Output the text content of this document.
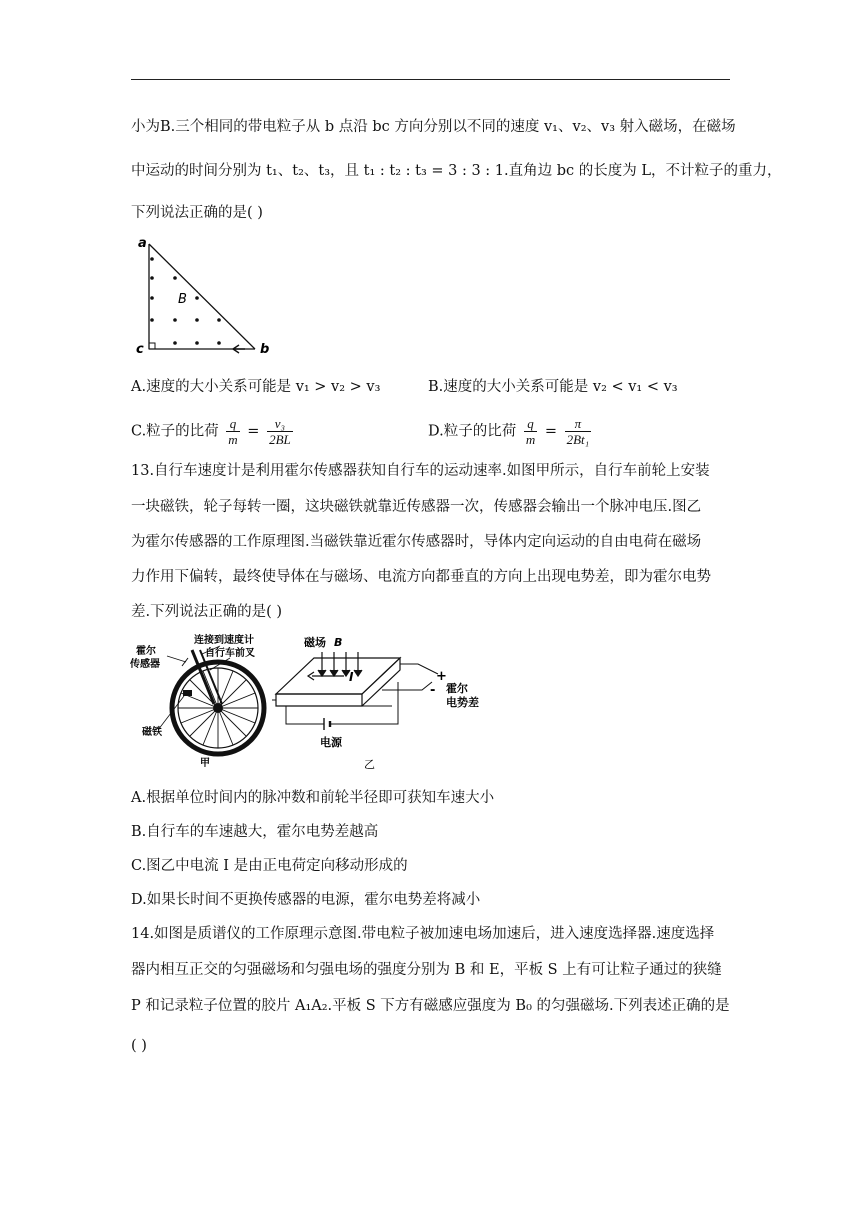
小为B.三个相同的带电粒子从 b 点沿 bc 方向分别以不同的速度 v₁、v₂、v₃ 射入磁场，在磁场
中运动的时间分别为 t₁、t₂、t₃，且 t₁ : t₂ : t₃ = 3 : 3 : 1.直角边 bc 的长度为 L，不计粒子的重力，
下列说法正确的是( )
a
c	b
B
A.速度的大小关系可能是 v₁ > v₂ > v₃	B.速度的大小关系可能是 v₂ < v₁ < v₃
C.粒子的比荷 $\frac{q}{m} = \frac{\text{v₃}}{2BL}$	D.粒子的比荷 $\frac{q}{m} = \frac{\pi}{\text{2Bt₁}}$
13.自行车速度计是利用霍尔传感器获知自行车的运动速率.如图甲所示，自行车前轮上安装
一块磁铁，轮子每转一圈，这块磁铁就靠近传感器一次，传感器会输出一个脉冲电压.图乙
为霍尔传感器的工作原理图.当磁铁靠近霍尔传感器时，导体内定向运动的自由电荷在磁场
力作用下偏转，最终使导体在与磁场、电流方向都垂直的方向上出现电势差，即为霍尔电势
差.下列说法正确的是( )
霍尔
传感器
连接到速度计
自行车前叉
磁铁
甲
磁场 B
I	+
- 霍尔
电势差
电源
乙
A.根据单位时间内的脉冲数和前轮半径即可获知车速大小
B.自行车的车速越大，霍尔电势差越高
C.图乙中电流 I 是由正电荷定向移动形成的
D.如果长时间不更换传感器的电源，霍尔电势差将减小
14.如图是质谱仪的工作原理示意图.带电粒子被加速电场加速后，进入速度选择器.速度选择
器内相互正交的匀强磁场和匀强电场的强度分别为 B 和 E，平板 S 上有可让粒子通过的狭缝
P 和记录粒子位置的胶片 A₁A₂.平板 S 下方有磁感应强度为 B₀ 的匀强磁场.下列表述正确的是
( )
